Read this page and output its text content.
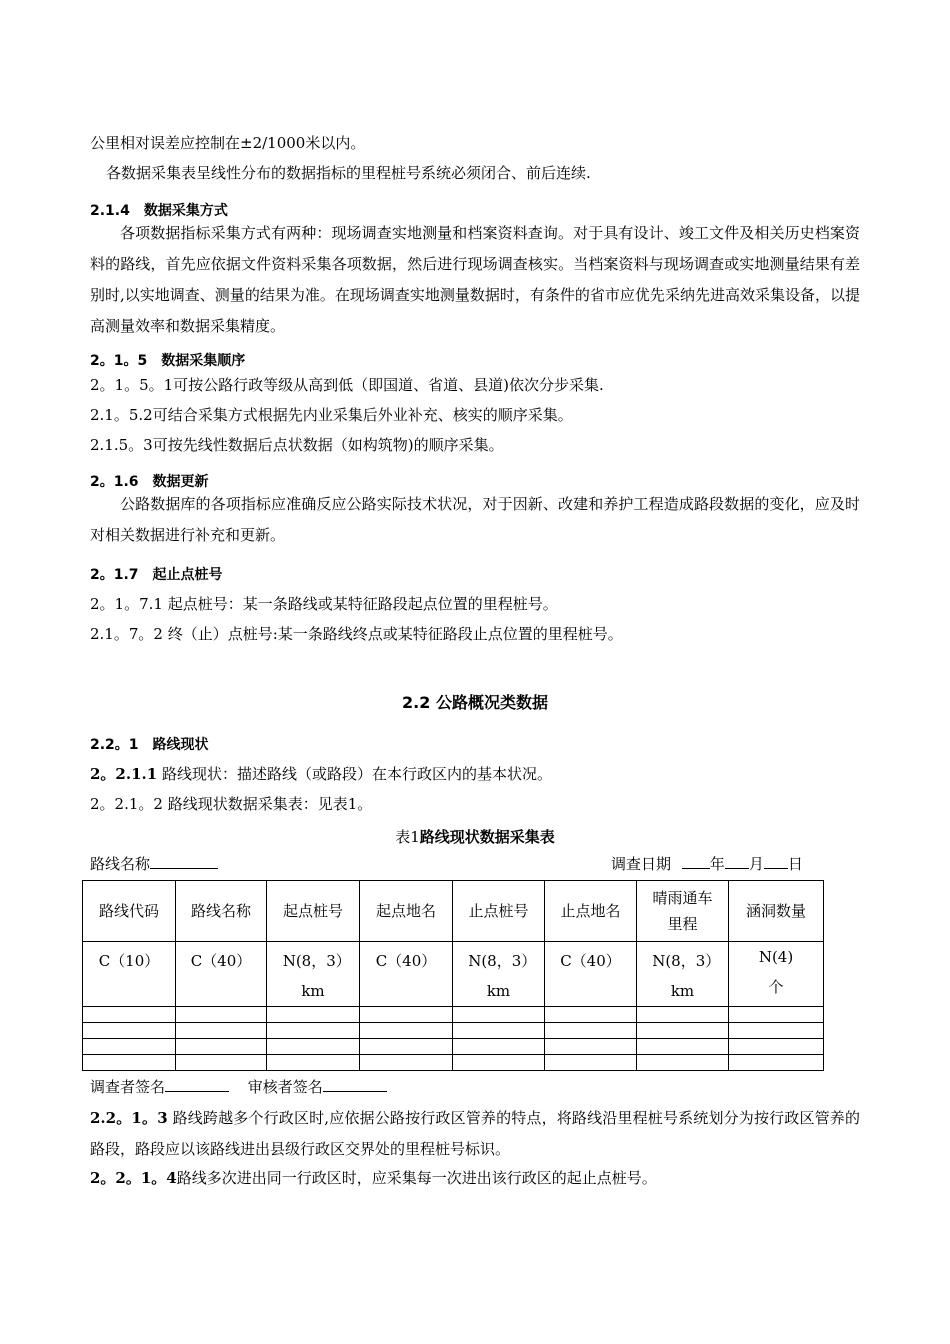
公里相对误差应控制在±2/1000米以内。
各数据采集表呈线性分布的数据指标的里程桩号系统必须闭合、前后连续.
2.1.4 数据采集方式
各项数据指标采集方式有两种：现场调查实地测量和档案资料查询。对于具有设计、竣工文件及相关历史档案资料的路线，首先应依据文件资料采集各项数据，然后进行现场调查核实。当档案资料与现场调查或实地测量结果有差别时,以实地调查、测量的结果为准。在现场调查实地测量数据时，有条件的省市应优先采纳先进高效采集设备，以提高测量效率和数据采集精度。
2。1。5 数据采集顺序
2。1。5。1可按公路行政等级从高到低（即国道、省道、县道)依次分步采集.
2.1。5.2可结合采集方式根据先内业采集后外业补充、核实的顺序采集。
2.1.5。3可按先线性数据后点状数据（如构筑物)的顺序采集。
2。1.6 数据更新
公路数据库的各项指标应准确反应公路实际技术状况，对于因新、改建和养护工程造成路段数据的变化，应及时对相关数据进行补充和更新。
2。1.7 起止点桩号
2。1。7.1 起点桩号：某一条路线或某特征路段起点位置的里程桩号。
2.1。7。2 终（止）点桩号:某一条路线终点或某特征路段止点位置的里程桩号。
2.2 公路概况类数据
2.2。1 路线现状
2。2.1.1 路线现状：描述路线（或路段）在本行政区内的基本状况。
2。2.1。2 路线现状数据采集表：见表1。
表1路线现状数据采集表
路线名称	调查日期	年 月 日
路线代码	路线名称	起点桩号	起点地名	止点桩号	止点地名	晴雨通车里程	涵洞数量
C（10）	C（40）	N(8，3）km	C（40）	N(8，3）km	C（40）	N(8，3）km	N(4)个

调查者签名	审核者签名
2.2。1。3 路线跨越多个行政区时,应依据公路按行政区管养的特点，将路线沿里程桩号系统划分为按行政区管养的路段，路段应以该路线进出县级行政区交界处的里程桩号标识。
2。2。1。4路线多次进出同一行政区时，应采集每一次进出该行政区的起止点桩号。
